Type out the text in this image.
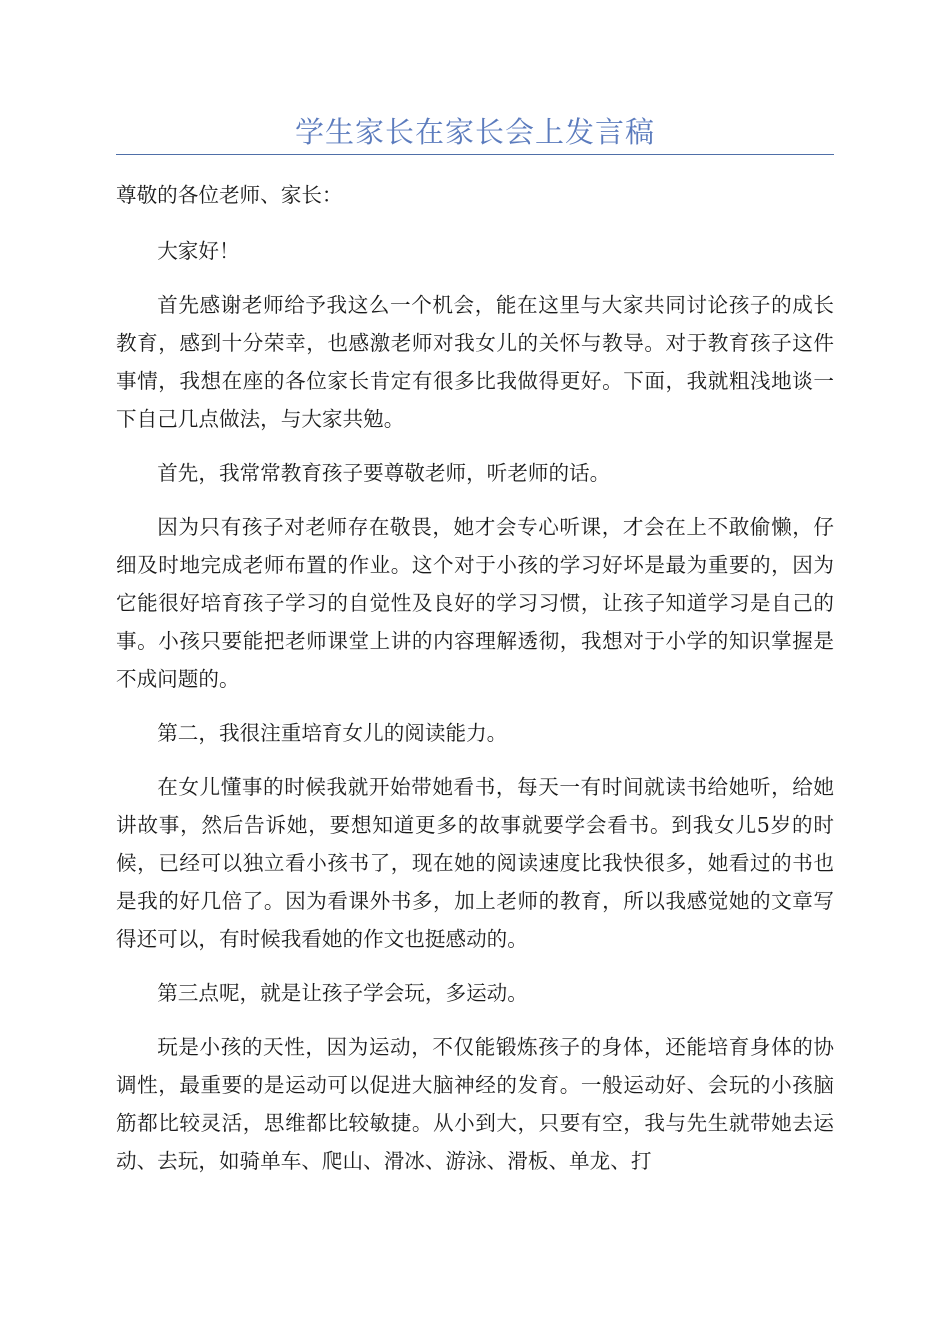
学生家长在家长会上发言稿

尊敬的各位老师、家长：

大家好！

首先感谢老师给予我这么一个机会，能在这里与大家共同讨论孩子的成长教育，感到十分荣幸，也感激老师对我女儿的关怀与教导。对于教育孩子这件事情，我想在座的各位家长肯定有很多比我做得更好。下面，我就粗浅地谈一下自己几点做法，与大家共勉。

首先，我常常教育孩子要尊敬老师，听老师的话。

因为只有孩子对老师存在敬畏，她才会专心听课，才会在上不敢偷懒，仔细及时地完成老师布置的作业。这个对于小孩的学习好坏是最为重要的，因为它能很好培育孩子学习的自觉性及良好的学习习惯，让孩子知道学习是自己的事。小孩只要能把老师课堂上讲的内容理解透彻，我想对于小学的知识掌握是不成问题的。

第二，我很注重培育女儿的阅读能力。

在女儿懂事的时候我就开始带她看书，每天一有时间就读书给她听，给她讲故事，然后告诉她，要想知道更多的故事就要学会看书。到我女儿5岁的时候，已经可以独立看小孩书了，现在她的阅读速度比我快很多，她看过的书也是我的好几倍了。因为看课外书多，加上老师的教育，所以我感觉她的文章写得还可以，有时候我看她的作文也挺感动的。

第三点呢，就是让孩子学会玩，多运动。

玩是小孩的天性，因为运动，不仅能锻炼孩子的身体，还能培育身体的协调性，最重要的是运动可以促进大脑神经的发育。一般运动好、会玩的小孩脑筋都比较灵活，思维都比较敏捷。从小到大，只要有空，我与先生就带她去运动、去玩，如骑单车、爬山、滑冰、游泳、滑板、单龙、打
